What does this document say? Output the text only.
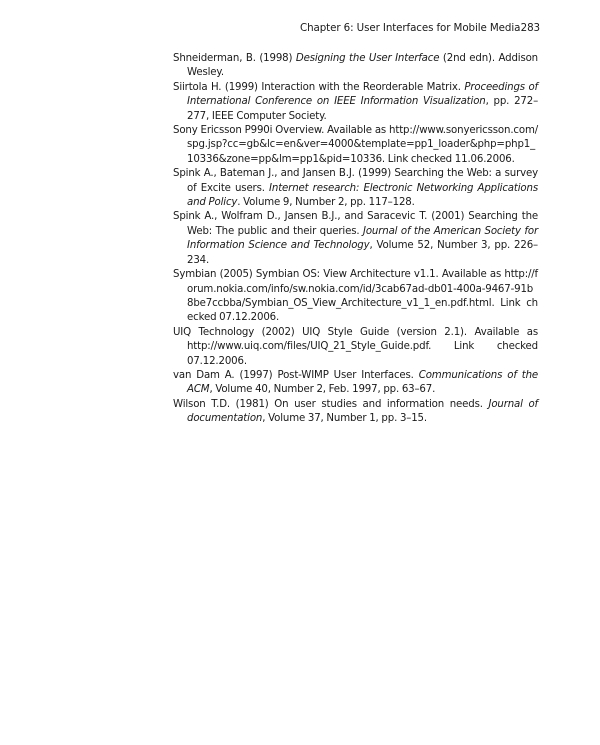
Chapter 6: User Interfaces for Mobile Media 283

Shneiderman, B. (1998) Designing the User Interface (2nd edn). Addison Wesley.

Siirtola H. (1999) Interaction with the Reorderable Matrix. Proceedings of International Conference on IEEE Information Visualization, pp. 272–277, IEEE Computer Society.

Sony Ericsson P990i Overview. Available as http://www.sonyericsson.com/spg.jsp?cc=gb&lc=en&ver=4000&template=pp1_loader&php=php1_10336&zone=pp&lm=pp1&pid=10336. Link checked 11.06.2006.

Spink A., Bateman J., and Jansen B.J. (1999) Searching the Web: a survey of Excite users. Internet research: Electronic Networking Applications and Policy. Volume 9, Number 2, pp. 117–128.

Spink A., Wolfram D., Jansen B.J., and Saracevic T. (2001) Searching the Web: The public and their queries. Journal of the American Society for Information Science and Technology, Volume 52, Number 3, pp. 226–234.

Symbian (2005) Symbian OS: View Architecture v1.1. Available as http://forum.nokia.com/info/sw.nokia.com/id/3cab67ad-db01-400a-9467-91b8be7ccbba/Symbian_OS_View_Architecture_v1_1_en.pdf.html. Link checked 07.12.2006.

UIQ Technology (2002) UIQ Style Guide (version 2.1). Available as http://www.uiq.com/files/UIQ_21_Style_Guide.pdf. Link checked 07.12.2006.

van Dam A. (1997) Post-WIMP User Interfaces. Communications of the ACM, Volume 40, Number 2, Feb. 1997, pp. 63–67.

Wilson T.D. (1981) On user studies and information needs. Journal of documentation, Volume 37, Number 1, pp. 3–15.
